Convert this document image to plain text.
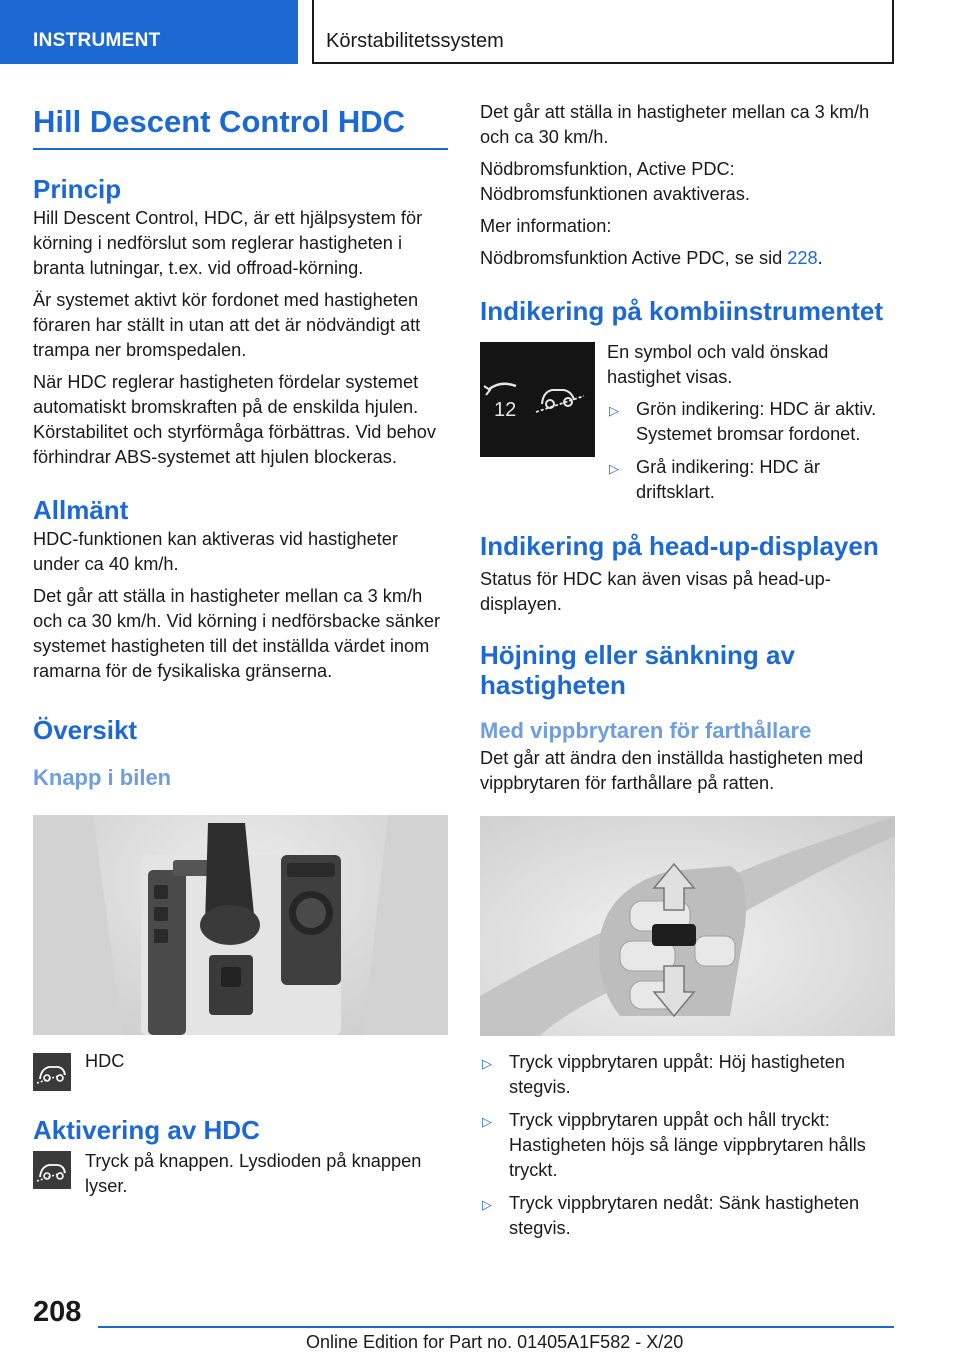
INSTRUMENT	Körstabilitetssystem
Hill Descent Control HDC
Princip

Hill Descent Control, HDC, är ett hjälpsystem för körning i nedförslut som reglerar hastigheten i branta lutningar, t.ex. vid offroad-körning.

Är systemet aktivt kör fordonet med hastigheten föraren har ställt in utan att det är nödvändigt att trampa ner bromspedalen.

När HDC reglerar hastigheten fördelar systemet automatiskt bromskraften på de enskilda hjulen. Körstabilitet och styrförmåga förbättras. Vid behov förhindrar ABS-systemet att hjulen blockeras.

Allmänt

HDC-funktionen kan aktiveras vid hastigheter under ca 40 km/h.

Det går att ställa in hastigheter mellan ca 3 km/h och ca 30 km/h. Vid körning i nedförsbacke sänker systemet hastigheten till det inställda värdet inom ramarna för de fysikaliska gränserna.

Översikt
Knapp i bilen

HDC

Aktivering av HDC

Tryck på knappen. Lysdioden på knappen lyser.

Det går att ställa in hastigheter mellan ca 3 km/h och ca 30 km/h.

Nödbromsfunktion, Active PDC: Nödbromsfunktionen avaktiveras.

Mer information:

Nödbromsfunktion Active PDC, se sid 228.

Indikering på kombiinstrumentet
12

En symbol och vald önskad hastighet visas.

▷ Grön indikering: HDC är aktiv. Systemet bromsar fordonet.
▷ Grå indikering: HDC är driftsklart.
Indikering på head-up-displayen

Status för HDC kan även visas på head-up-displayen.

Höjning eller sänkning av hastigheten
Med vippbrytaren för farthållare

Det går att ändra den inställda hastigheten med vippbrytaren för farthållare på ratten.

▷ Tryck vippbrytaren uppåt: Höj hastigheten stegvis.
▷ Tryck vippbrytaren uppåt och håll tryckt: Hastigheten höjs så länge vippbrytaren hålls tryckt.
▷ Tryck vippbrytaren nedåt: Sänk hastigheten stegvis.
208
Online Edition for Part no. 01405A1F582 - X/20
